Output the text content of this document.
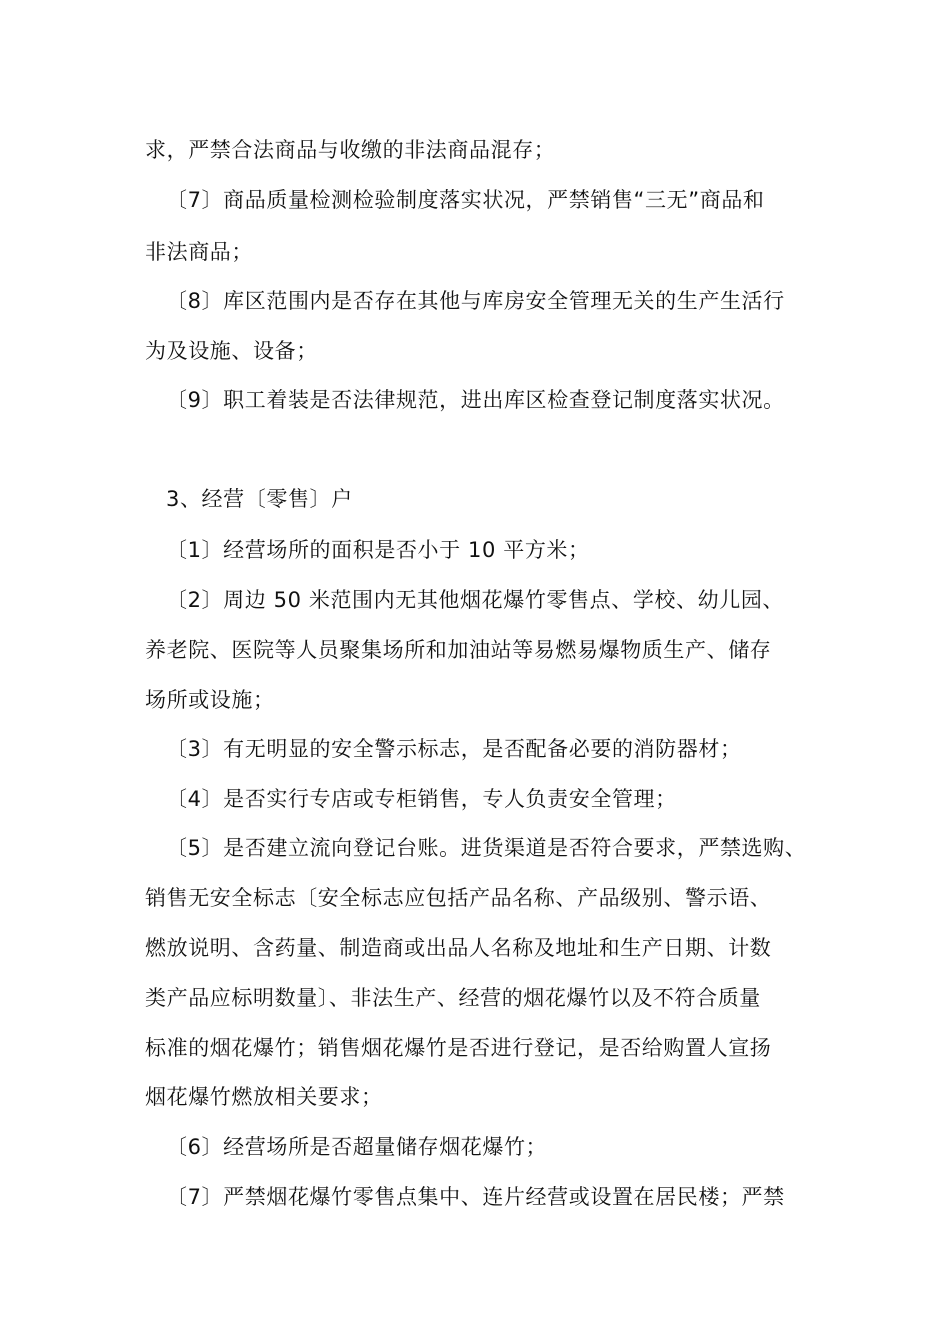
求，严禁合法商品与收缴的非法商品混存；
〔7〕商品质量检测检验制度落实状况，严禁销售“三无”商品和
非法商品；
〔8〕库区范围内是否存在其他与库房安全管理无关的生产生活行
为及设施、设备；
〔9〕职工着装是否法律规范，进出库区检查登记制度落实状况。
3、经营〔零售〕户
〔1〕经营场所的面积是否小于 10 平方米；
〔2〕周边 50 米范围内无其他烟花爆竹零售点、学校、幼儿园、
养老院、医院等人员聚集场所和加油站等易燃易爆物质生产、储存
场所或设施；
〔3〕有无明显的安全警示标志，是否配备必要的消防器材；
〔4〕是否实行专店或专柜销售，专人负责安全管理；
〔5〕是否建立流向登记台账。进货渠道是否符合要求，严禁选购、
销售无安全标志〔安全标志应包括产品名称、产品级别、警示语、
燃放说明、含药量、制造商或出品人名称及地址和生产日期、计数
类产品应标明数量〕、非法生产、经营的烟花爆竹以及不符合质量
标准的烟花爆竹；销售烟花爆竹是否进行登记，是否给购置人宣扬
烟花爆竹燃放相关要求；
〔6〕经营场所是否超量储存烟花爆竹；
〔7〕严禁烟花爆竹零售点集中、连片经营或设置在居民楼；严禁
